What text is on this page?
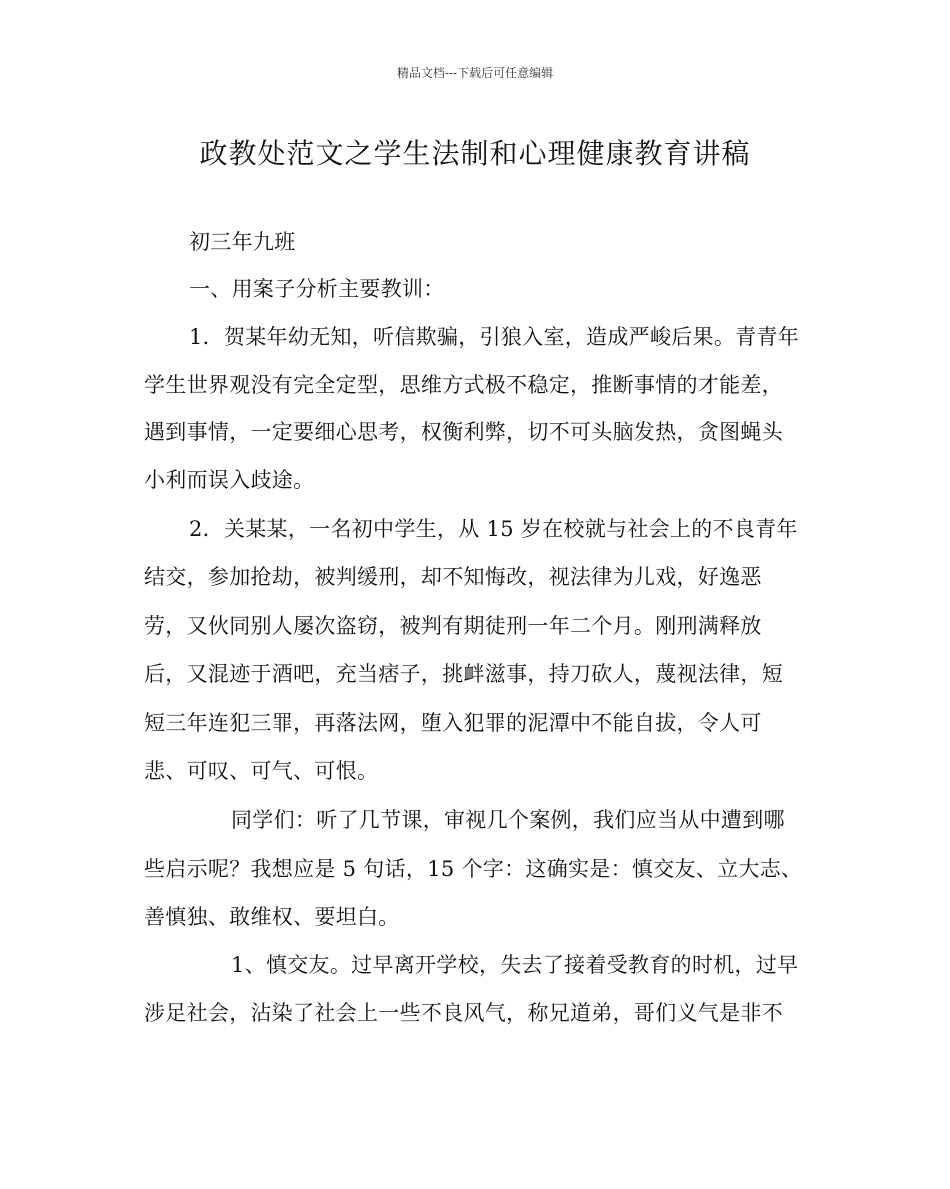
精品文档---下载后可任意编辑
政教处范文之学生法制和心理健康教育讲稿
初三年九班
一、用案子分析主要教训：
1．贺某年幼无知，听信欺骗，引狼入室，造成严峻后果。青青年
学生世界观没有完全定型，思维方式极不稳定，推断事情的才能差，
遇到事情，一定要细心思考，权衡利弊，切不可头脑发热，贪图蝇头
小利而误入歧途。
2．关某某，一名初中学生，从 15 岁在校就与社会上的不良青年
结交，参加抢劫，被判缓刑，却不知悔改，视法律为儿戏，好逸恶
劳，又伙同别人屡次盗窃，被判有期徒刑一年二个月。刚刑满释放
后，又混迹于酒吧，充当痞子，挑衅滋事，持刀砍人，蔑视法律，短
短三年连犯三罪，再落法网，堕入犯罪的泥潭中不能自拔，令人可
悲、可叹、可气、可恨。
同学们：听了几节课，审视几个案例，我们应当从中遭到哪
些启示呢？我想应是 5 句话，15 个字：这确实是：慎交友、立大志、
善慎独、敢维权、要坦白。
1、慎交友。过早离开学校，失去了接着受教育的时机，过早
涉足社会，沾染了社会上一些不良风气，称兄道弟，哥们义气是非不
